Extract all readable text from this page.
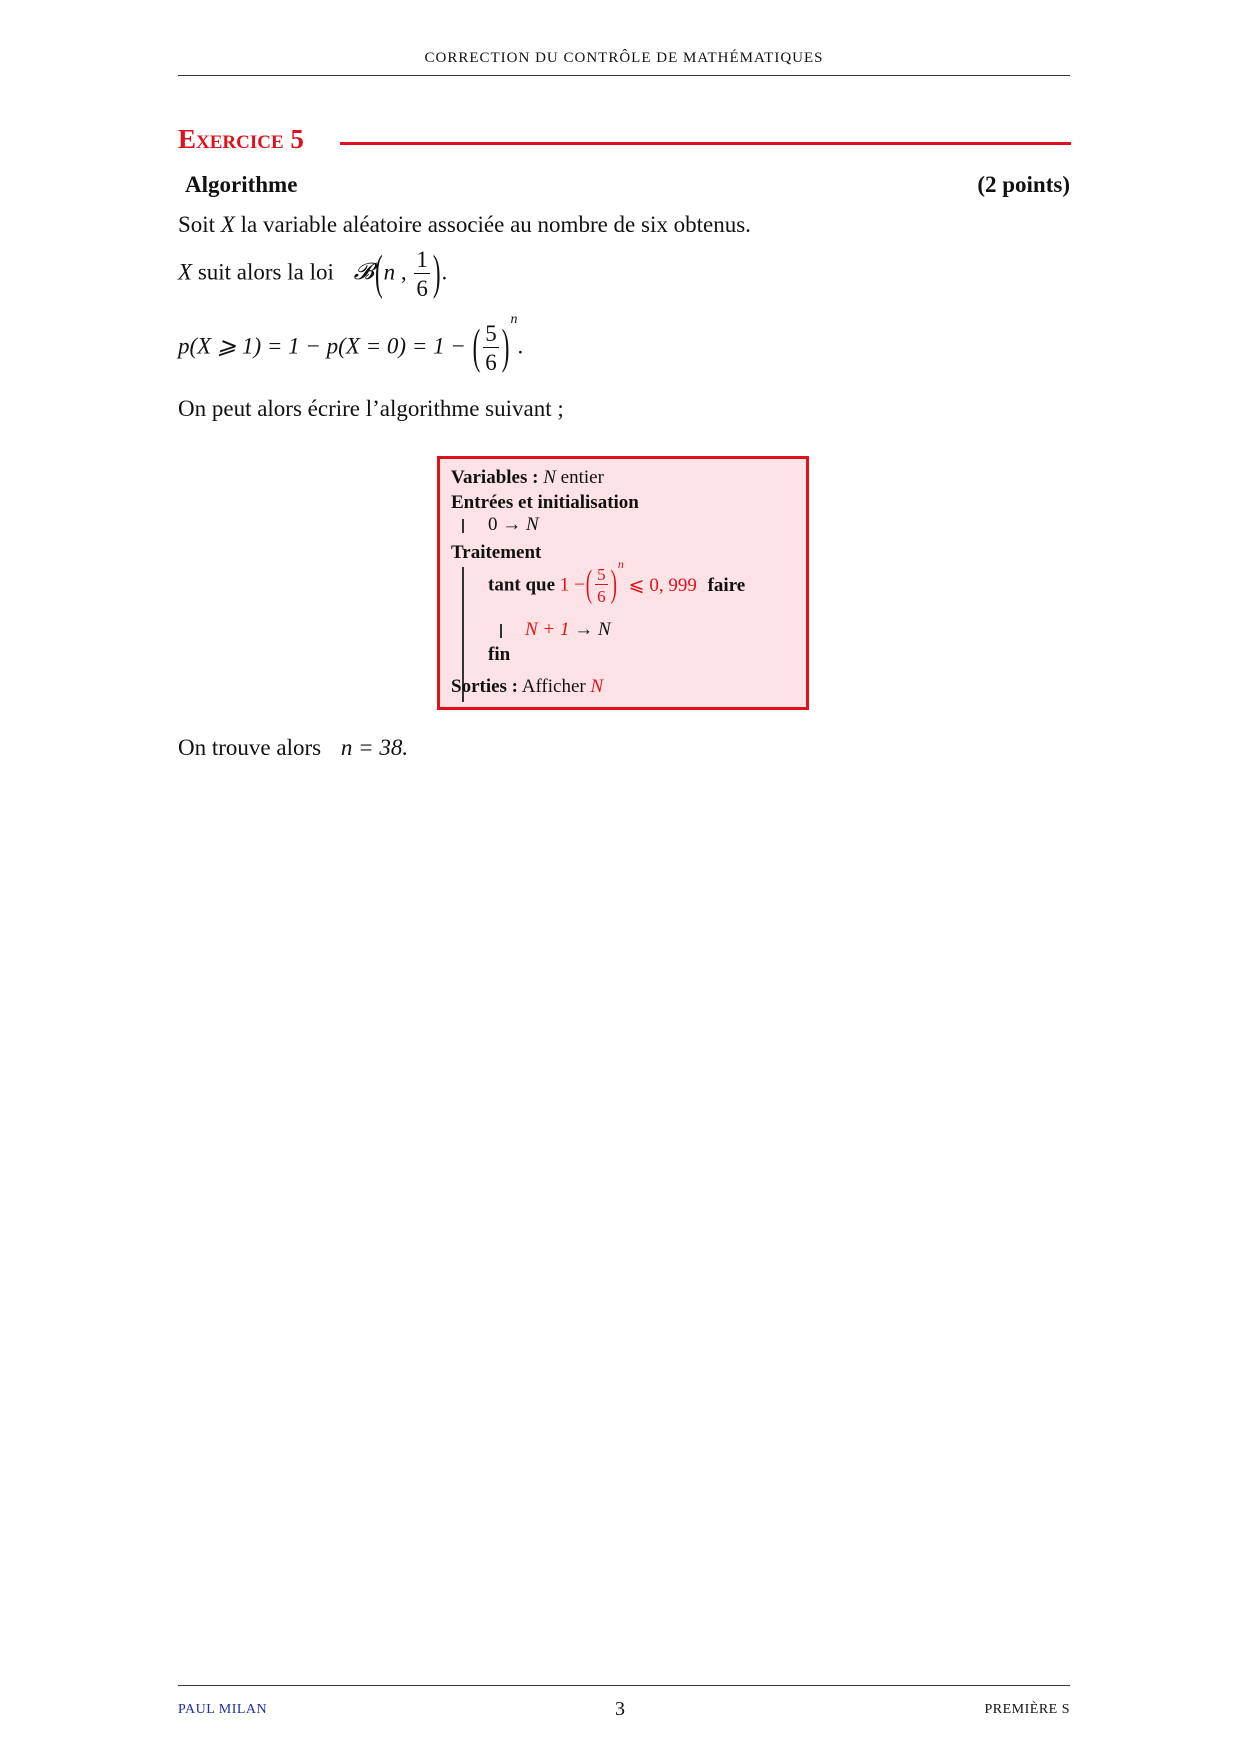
CORRECTION DU CONTRÔLE DE MATHÉMATIQUES
Exercice 5
Algorithme	(2 points)
Soit X la variable aléatoire associée au nombre de six obtenus.
X suit alors la loi 𝓑(n , $\frac{1}{6}$ ).
p(X ⩾ 1) = 1 − p(X = 0) = 1 − ( $\frac{5}{6} )^n$.
On peut alors écrire l’algorithme suivant ;
Variables : N entier
Entrées et initialisation
0 → N
Traitement
tant que 1 −( $\frac{5}{6} )^n$ ⩽ 0, 999 faire
N + 1 → N
fin
Sorties : Afficher N
On trouve alors n = 38.
PAUL MILAN	3	PREMIÈRE S
